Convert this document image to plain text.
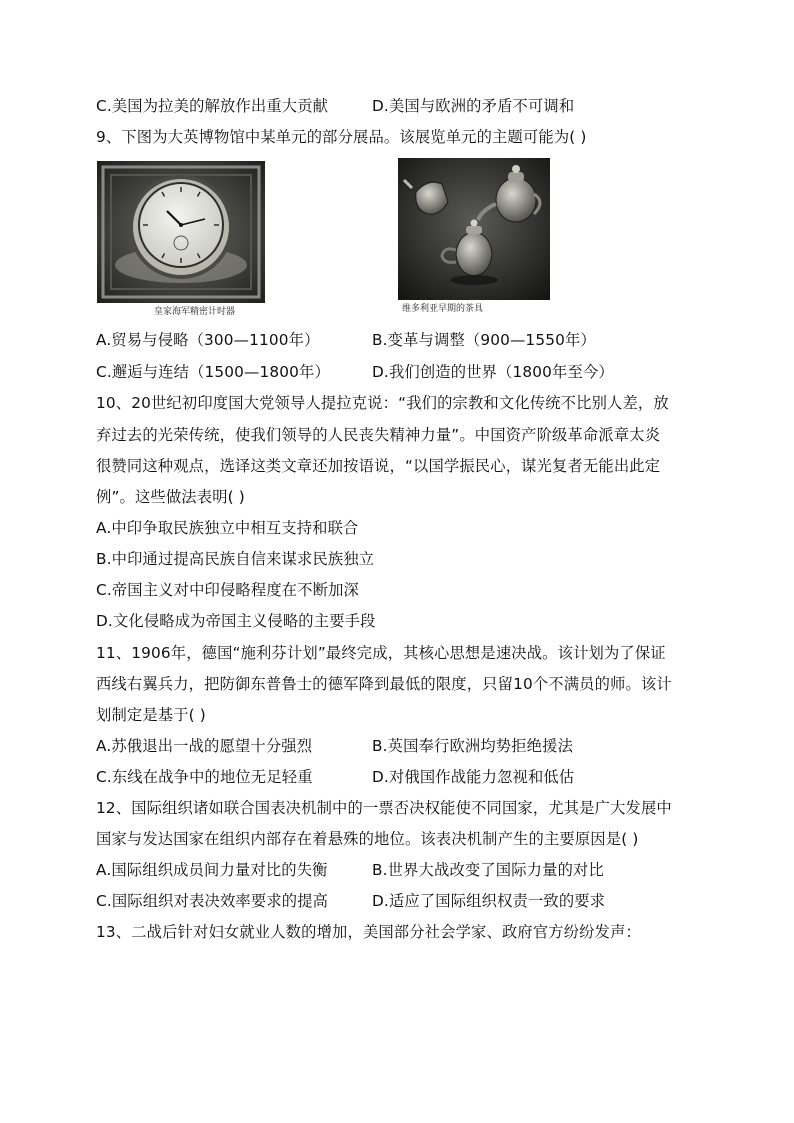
C.美国为拉美的解放作出重大贡献	D.美国与欧洲的矛盾不可调和
9、下图为大英博物馆中某单元的部分展品。该展览单元的主题可能为( )
皇家海军精密计时器	维多利亚早期的茶具
A.贸易与侵略（300—1100年）	B.变革与调整（900—1550年）
C.邂逅与连结（1500—1800年）	D.我们创造的世界（1800年至今）
10、20世纪初印度国大党领导人提拉克说：“我们的宗教和文化传统不比别人差，放
弃过去的光荣传统，使我们领导的人民丧失精神力量”。中国资产阶级革命派章太炎
很赞同这种观点，选译这类文章还加按语说，“以国学振民心，谋光复者无能出此定
例”。这些做法表明( )
A.中印争取民族独立中相互支持和联合
B.中印通过提高民族自信来谋求民族独立
C.帝国主义对中印侵略程度在不断加深
D.文化侵略成为帝国主义侵略的主要手段
11、1906年，德国“施利芬计划”最终完成，其核心思想是速决战。该计划为了保证
西线右翼兵力，把防御东普鲁士的德军降到最低的限度，只留10个不满员的师。该计
划制定是基于( )
A.苏俄退出一战的愿望十分强烈	B.英国奉行欧洲均势拒绝援法
C.东线在战争中的地位无足轻重	D.对俄国作战能力忽视和低估
12、国际组织诸如联合国表决机制中的一票否决权能使不同国家，尤其是广大发展中
国家与发达国家在组织内部存在着悬殊的地位。该表决机制产生的主要原因是( )
A.国际组织成员间力量对比的失衡	B.世界大战改变了国际力量的对比
C.国际组织对表决效率要求的提高	D.适应了国际组织权责一致的要求
13、二战后针对妇女就业人数的增加，美国部分社会学家、政府官方纷纷发声：
